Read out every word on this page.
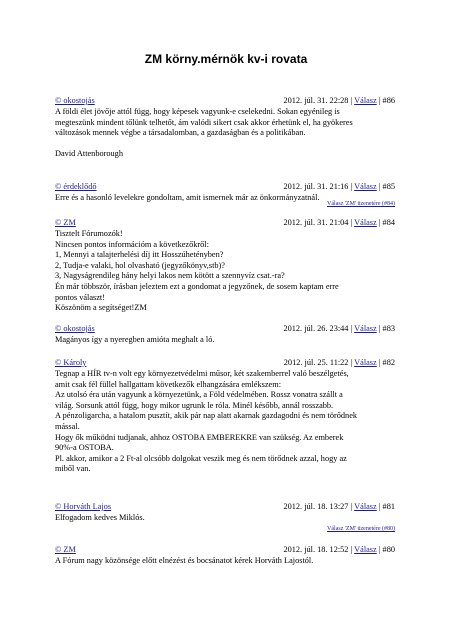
ZM körny.mérnök kv-i rovata
© okostojás	2012. júl. 31. 22:28 | Válasz | #86
A földi élet jövője attól függ, hogy képesek vagyunk-e cselekedni. Sokan egyénileg is
megteszünk mindent tőlünk telhetőt, ám valódi sikert csak akkor érhetünk el, ha gyökeres
változások mennek végbe a társadalomban, a gazdaságban és a politikában.
David Attenborough
© érdeklődő	2012. júl. 31. 21:16 | Válasz | #85
Erre és a hasonló levelekre gondoltam, amit ismernek már az önkormányzatnál.
Válasz 'ZM' üzenetére (#84)
© ZM	2012. júl. 31. 21:04 | Válasz | #84
Tisztelt Fórumozók!
Nincsen pontos információm a következőkről:
1, Mennyi a talajterhelési díj itt Hosszúhetényben?
2, Tudja-e valaki, hol olvasható (jegyzőkönyv,stb)?
3, Nagyságrendileg hány helyi lakos nem kötött a szennyvíz csat.-ra?
Én már többször, írásban jeleztem ezt a gondomat a jegyzőnek, de sosem kaptam erre
pontos választ!
Köszönöm a segítséget!ZM
© okostojás	2012. júl. 26. 23:44 | Válasz | #83
Magányos így a nyeregben amióta meghalt a ló.
© Károly	2012. júl. 25. 11:22 | Válasz | #82
Tegnap a HÍR tv-n volt egy környezetvédelmi műsor, két szakemberrel való beszélgetés,
amit csak fél füllel hallgattam következők elhangzására emlékszem:
Az utolsó éra után vagyunk a környezetünk, a Föld védelmében. Rossz vonatra szállt a
világ. Sorsunk attól függ, hogy mikor ugrunk le róla. Minél később, annál rosszabb.
A pénzoligarcha, a hatalom pusztít, akik pár nap alatt akarnak gazdagodni és nem törődnek
mással.
Hogy ők működni tudjanak, ahhoz OSTOBA EMBEREKRE van szükség. Az emberek
90%-a OSTOBA.
Pl. akkor, amikor a 2 Ft-al olcsóbb dolgokat veszik meg és nem törődnek azzal, hogy az
miből van.
© Horváth Lajos	2012. júl. 18. 13:27 | Válasz | #81
Elfogadom kedves Miklós.
Válasz 'ZM' üzenetére (#80)
© ZM	2012. júl. 18. 12:52 | Válasz | #80
A Fórum nagy közönsége előtt elnézést és bocsánatot kérek Horváth Lajostól.
